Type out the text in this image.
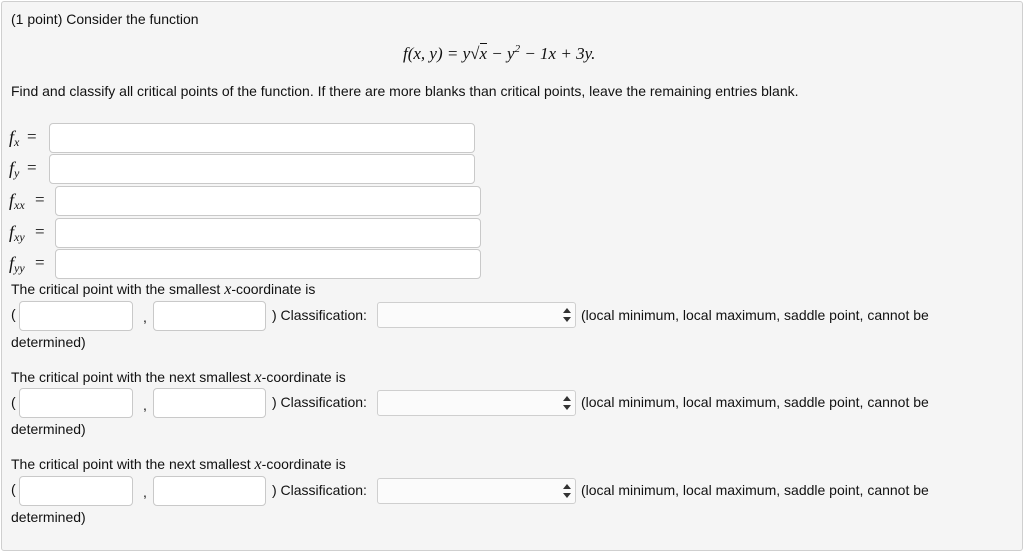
(1 point) Consider the function
f(x, $y) = y√x - y^2 - 1x + 3y$.
Find and classify all critical points of the function. If there are more blanks than critical points, leave the remaining entries blank.
$f_x$ =
$f_y$ =
$f_{xx}$ =
$f_{xy}$ =
$f_{yy}$ =
The critical point with the smallest x-coordinate is
(	,	) Classification:	(local minimum, local maximum, saddle point, cannot be
determined)
The critical point with the next smallest x-coordinate is
(	,	) Classification:	(local minimum, local maximum, saddle point, cannot be
determined)
The critical point with the next smallest x-coordinate is
(	,	) Classification:	(local minimum, local maximum, saddle point, cannot be
determined)
